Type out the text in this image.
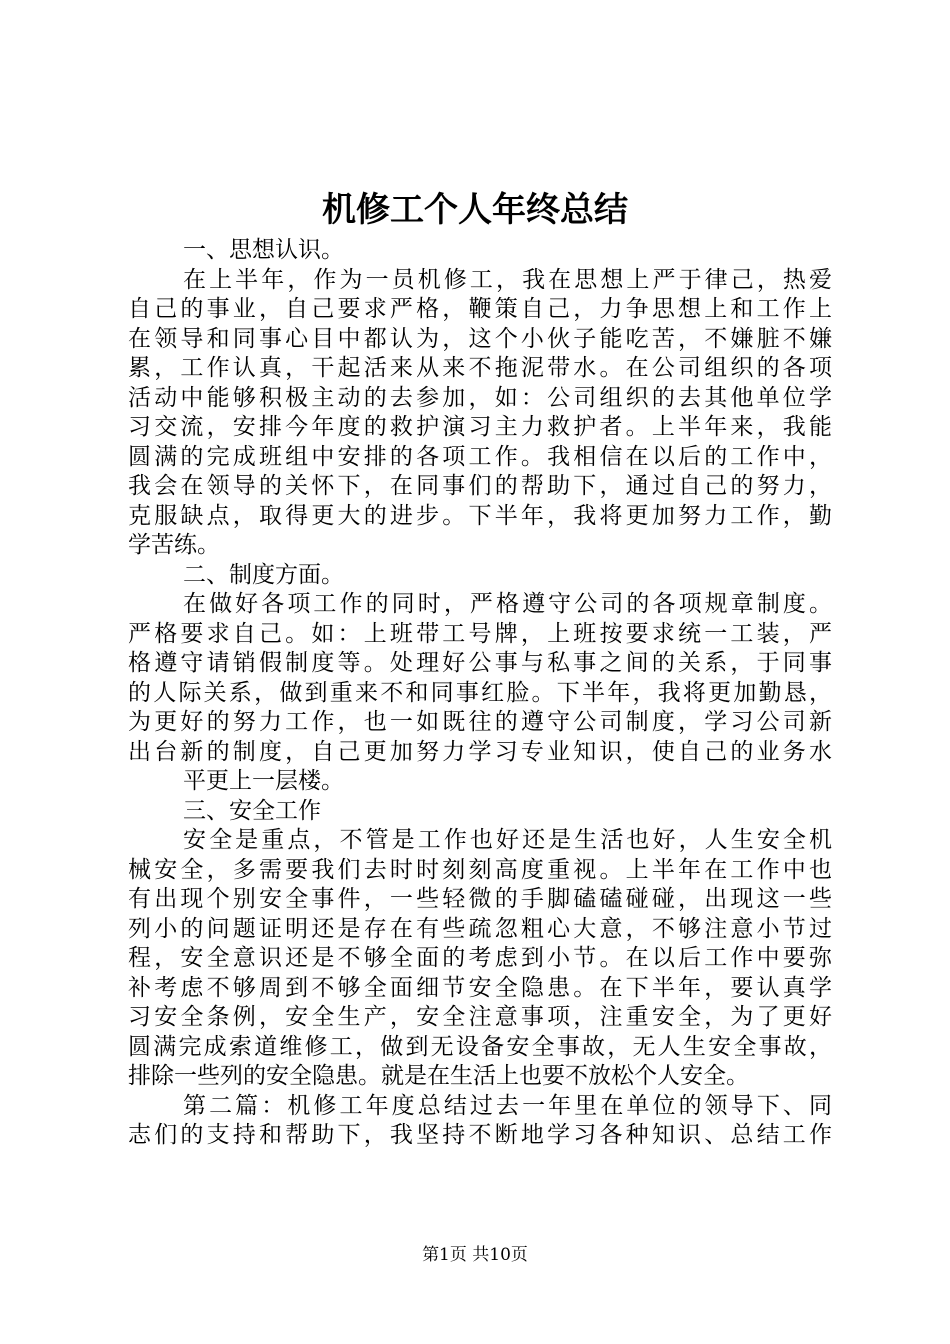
机修工个人年终总结
一、思想认识。
在上半年，作为一员机修工，我在思想上严于律己，热爱
自己的事业，自己要求严格，鞭策自己，力争思想上和工作上
在领导和同事心目中都认为，这个小伙子能吃苦，不嫌脏不嫌
累，工作认真，干起活来从来不拖泥带水。在公司组织的各项
活动中能够积极主动的去参加，如：公司组织的去其他单位学
习交流，安排今年度的救护演习主力救护者。上半年来，我能
圆满的完成班组中安排的各项工作。我相信在以后的工作中，
我会在领导的关怀下，在同事们的帮助下，通过自己的努力，
克服缺点，取得更大的进步。下半年，我将更加努力工作，勤
学苦练。
二、制度方面。
在做好各项工作的同时，严格遵守公司的各项规章制度。
严格要求自己。如：上班带工号牌，上班按要求统一工装，严
格遵守请销假制度等。处理好公事与私事之间的关系，于同事
的人际关系，做到重来不和同事红脸。下半年，我将更加勤恳，
为更好的努力工作，也一如既往的遵守公司制度，学习公司新
出台新的制度，自己更加努力学习专业知识，使自己的业务水
平更上一层楼。
三、安全工作
安全是重点，不管是工作也好还是生活也好，人生安全机
械安全，多需要我们去时时刻刻高度重视。上半年在工作中也
有出现个别安全事件，一些轻微的手脚磕磕碰碰，出现这一些
列小的问题证明还是存在有些疏忽粗心大意，不够注意小节过
程，安全意识还是不够全面的考虑到小节。在以后工作中要弥
补考虑不够周到不够全面细节安全隐患。在下半年，要认真学
习安全条例，安全生产，安全注意事项，注重安全，为了更好
圆满完成索道维修工，做到无设备安全事故，无人生安全事故，
排除一些列的安全隐患。就是在生活上也要不放松个人安全。
第二篇：机修工年度总结过去一年里在单位的领导下、同
志们的支持和帮助下，我坚持不断地学习各种知识、总结工作
第1页 共10页
